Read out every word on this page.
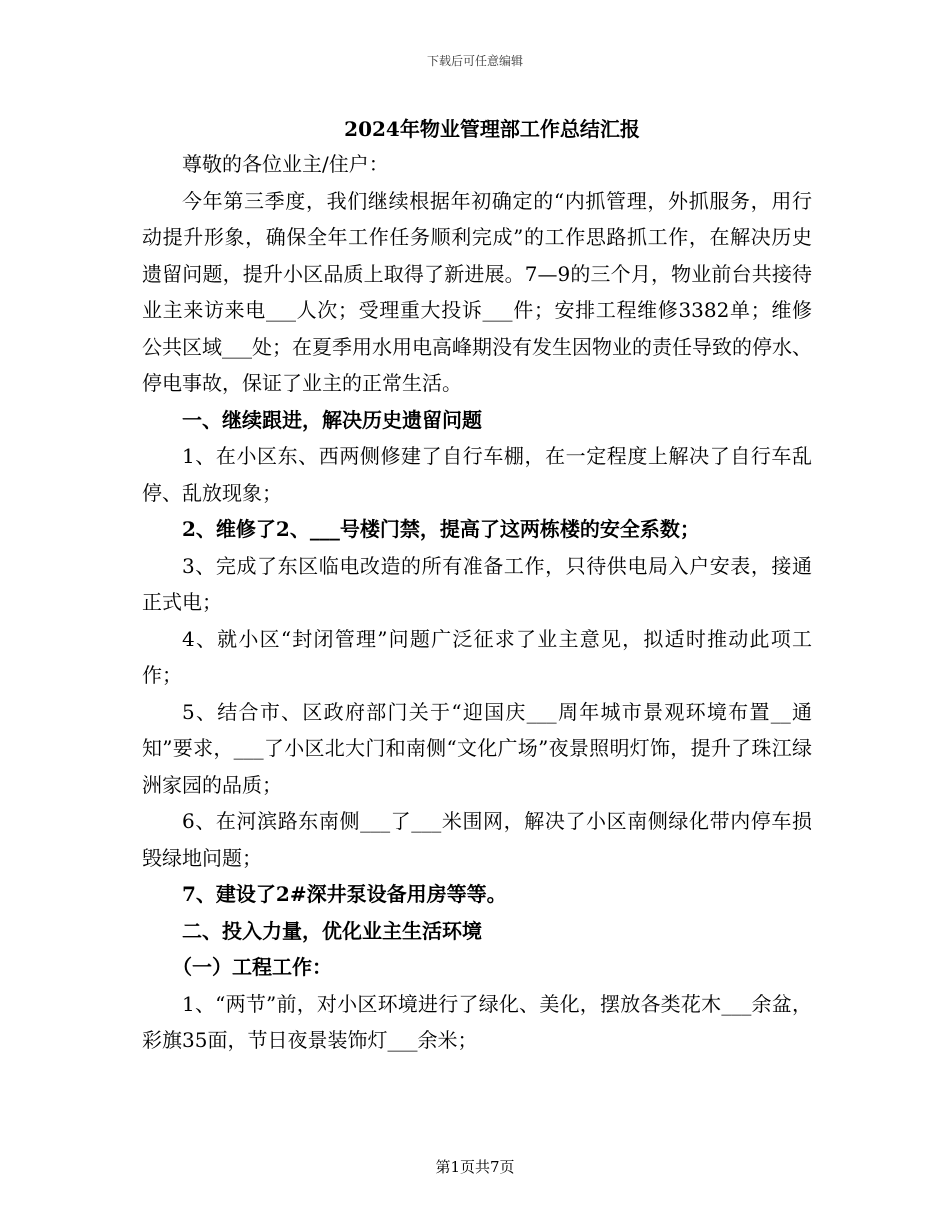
下载后可任意编辑

2024年物业管理部工作总结汇报

尊敬的各位业主/住户：

今年第三季度，我们继续根据年初确定的“内抓管理，外抓服务，用行动提升形象，确保全年工作任务顺利完成”的工作思路抓工作，在解决历史遗留问题，提升小区品质上取得了新进展。7—9的三个月，物业前台共接待业主来访来电___人次；受理重大投诉___件；安排工程维修3382单；维修公共区域___处；在夏季用水用电高峰期没有发生因物业的责任导致的停水、停电事故，保证了业主的正常生活。

一、继续跟进，解决历史遗留问题

1、在小区东、西两侧修建了自行车棚，在一定程度上解决了自行车乱停、乱放现象；

2、维修了2、___号楼门禁，提高了这两栋楼的安全系数；

3、完成了东区临电改造的所有准备工作，只待供电局入户安表，接通正式电；

4、就小区“封闭管理”问题广泛征求了业主意见，拟适时推动此项工作；

5、结合市、区政府部门关于“迎国庆___周年城市景观环境布置__通知”要求，___了小区北大门和南侧“文化广场”夜景照明灯饰，提升了珠江绿洲家园的品质；

6、在河滨路东南侧___了___米围网，解决了小区南侧绿化带内停车损毁绿地问题；

7、建设了2#深井泵设备用房等等。

二、投入力量，优化业主生活环境

（一）工程工作：

1、“两节”前，对小区环境进行了绿化、美化，摆放各类花木___余盆，彩旗35面，节日夜景装饰灯___余米；

第1页共7页
